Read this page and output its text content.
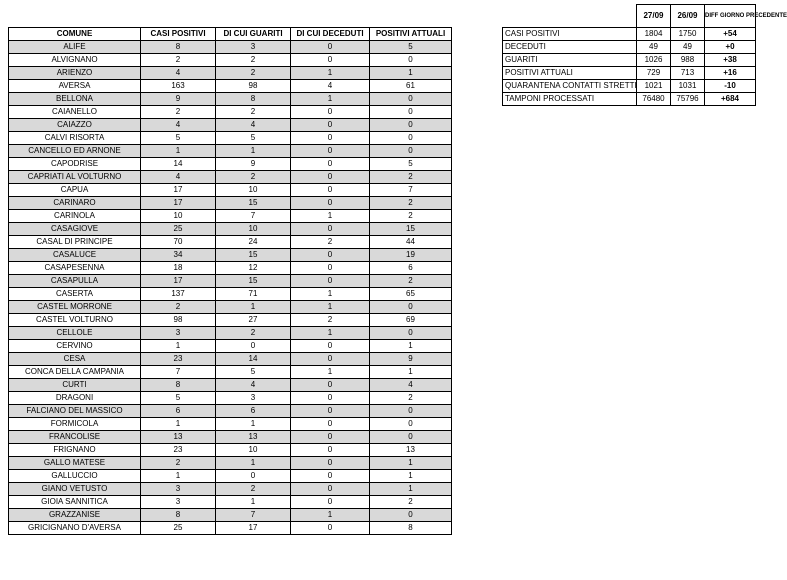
COMUNE	CASI POSITIVI	DI CUI GUARITI	DI CUI DECEDUTI	POSITIVI ATTUALI
ALIFE	8	3	0	5
ALVIGNANO	2	2	0	0
ARIENZO	4	2	1	1
AVERSA	163	98	4	61
BELLONA	9	8	1	0
CAIANELLO	2	2	0	0
CAIAZZO	4	4	0	0
CALVI RISORTA	5	5	0	0
CANCELLO ED ARNONE	1	1	0	0
CAPODRISE	14	9	0	5
CAPRIATI AL VOLTURNO	4	2	0	2
CAPUA	17	10	0	7
CARINARO	17	15	0	2
CARINOLA	10	7	1	2
CASAGIOVE	25	10	0	15
CASAL DI PRINCIPE	70	24	2	44
CASALUCE	34	15	0	19
CASAPESENNA	18	12	0	6
CASAPULLA	17	15	0	2
CASERTA	137	71	1	65
CASTEL MORRONE	2	1	1	0
CASTEL VOLTURNO	98	27	2	69
CELLOLE	3	2	1	0
CERVINO	1	0	0	1
CESA	23	14	0	9
CONCA DELLA CAMPANIA	7	5	1	1
CURTI	8	4	0	4
DRAGONI	5	3	0	2
FALCIANO DEL MASSICO	6	6	0	0
FORMICOLA	1	1	0	0
FRANCOLISE	13	13	0	0
FRIGNANO	23	10	0	13
GALLO MATESE	2	1	0	1
GALLUCCIO	1	0	0	1
GIANO VETUSTO	3	2	0	1
GIOIA SANNITICA	3	1	0	2
GRAZZANISE	8	7	1	0
GRICIGNANO D'AVERSA	25	17	0	8
	27/09	26/09	DIFF GIORNO PRECEDENTE
CASI POSITIVI	1804	1750	+54
DECEDUTI	49	49	+0
GUARITI	1026	988	+38
POSITIVI ATTUALI	729	713	+16
QUARANTENA CONTATTI STRETTI	1021	1031	-10
TAMPONI PROCESSATI	76480	75796	+684
